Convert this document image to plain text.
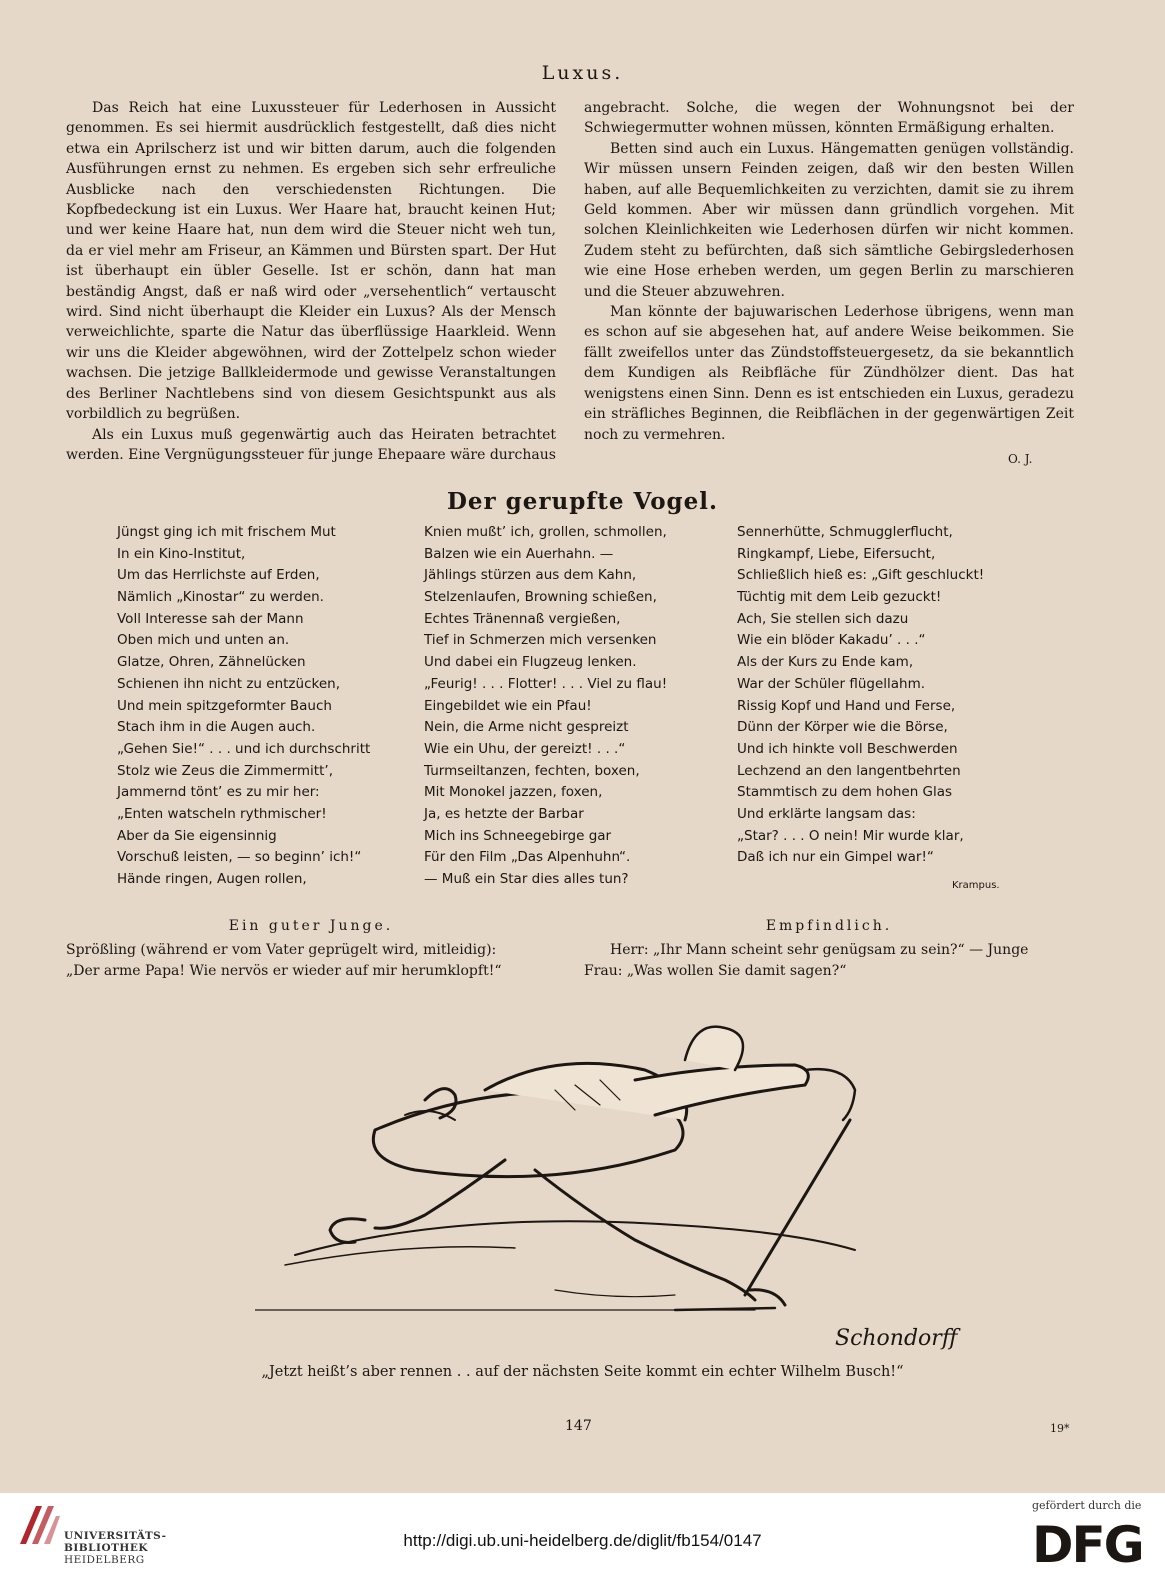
Luxus.

Das Reich hat eine Luxussteuer für Lederhosen in Aussicht genommen. Es sei hiermit ausdrücklich festgestellt, daß dies nicht etwa ein Aprilscherz ist und wir bitten darum, auch die folgenden Ausführungen ernst zu nehmen. Es ergeben sich sehr erfreuliche Ausblicke nach den verschiedensten Richtungen. Die Kopfbedeckung ist ein Luxus. Wer Haare hat, braucht keinen Hut; und wer keine Haare hat, nun dem wird die Steuer nicht weh tun, da er viel mehr am Friseur, an Kämmen und Bürsten spart. Der Hut ist überhaupt ein übler Geselle. Ist er schön, dann hat man beständig Angst, daß er naß wird oder „versehentlich“ vertauscht wird. Sind nicht überhaupt die Kleider ein Luxus? Als der Mensch verweichlichte, sparte die Natur das überflüssige Haarkleid. Wenn wir uns die Kleider abgewöhnen, wird der Zottelpelz schon wieder wachsen. Die jetzige Ballkleidermode und gewisse Veranstaltungen des Berliner Nachtlebens sind von diesem Gesichtspunkt aus als vorbildlich zu begrüßen.

Als ein Luxus muß gegenwärtig auch das Heiraten betrachtet werden. Eine Vergnügungssteuer für junge Ehepaare wäre durchaus

angebracht. Solche, die wegen der Wohnungsnot bei der Schwiegermutter wohnen müssen, könnten Ermäßigung erhalten.

Betten sind auch ein Luxus. Hängematten genügen vollständig. Wir müssen unsern Feinden zeigen, daß wir den besten Willen haben, auf alle Bequemlichkeiten zu verzichten, damit sie zu ihrem Geld kommen. Aber wir müssen dann gründlich vorgehen. Mit solchen Kleinlichkeiten wie Lederhosen dürfen wir nicht kommen. Zudem steht zu befürchten, daß sich sämtliche Gebirgslederhosen wie eine Hose erheben werden, um gegen Berlin zu marschieren und die Steuer abzuwehren.

Man könnte der bajuwarischen Lederhose übrigens, wenn man es schon auf sie abgesehen hat, auf andere Weise beikommen. Sie fällt zweifellos unter das Zündstoffsteuergesetz, da sie bekanntlich dem Kundigen als Reibfläche für Zündhölzer dient. Das hat wenigstens einen Sinn. Denn es ist entschieden ein Luxus, geradezu ein sträfliches Beginnen, die Reibflächen in der gegenwärtigen Zeit noch zu vermehren.

O. J.
Der gerupfte Vogel.
Jüngst ging ich mit frischem Mut
In ein Kino-Institut,
Um das Herrlichste auf Erden,
Nämlich „Kinostar“ zu werden.
Voll Interesse sah der Mann
Oben mich und unten an.
Glatze, Ohren, Zähnelücken
Schienen ihn nicht zu entzücken,
Und mein spitzgeformter Bauch
Stach ihm in die Augen auch.
„Gehen Sie!“ . . . und ich durchschritt
Stolz wie Zeus die Zimmermitt’,
Jammernd tönt’ es zu mir her:
„Enten watscheln rythmischer!
Aber da Sie eigensinnig
Vorschuß leisten, — so beginn’ ich!“
Hände ringen, Augen rollen,
Knien mußt’ ich, grollen, schmollen,
Balzen wie ein Auerhahn. —
Jählings stürzen aus dem Kahn,
Stelzenlaufen, Browning schießen,
Echtes Tränennaß vergießen,
Tief in Schmerzen mich versenken
Und dabei ein Flugzeug lenken.
„Feurig! . . . Flotter! . . . Viel zu flau!
Eingebildet wie ein Pfau!
Nein, die Arme nicht gespreizt
Wie ein Uhu, der gereizt! . . .“
Turmseiltanzen, fechten, boxen,
Mit Monokel jazzen, foxen,
Ja, es hetzte der Barbar
Mich ins Schneegebirge gar
Für den Film „Das Alpenhuhn“.
— Muß ein Star dies alles tun?
Sennerhütte, Schmugglerflucht,
Ringkampf, Liebe, Eifersucht,
Schließlich hieß es: „Gift geschluckt!
Tüchtig mit dem Leib gezuckt!
Ach, Sie stellen sich dazu
Wie ein blöder Kakadu’ . . .“
Als der Kurs zu Ende kam,
War der Schüler flügellahm.
Rissig Kopf und Hand und Ferse,
Dünn der Körper wie die Börse,
Und ich hinkte voll Beschwerden
Lechzend an den langentbehrten
Stammtisch zu dem hohen Glas
Und erklärte langsam das:
„Star? . . . O nein! Mir wurde klar,
Daß ich nur ein Gimpel war!“
Krampus.
Ein guter Junge.
Sprößling (während er vom Vater geprügelt wird, mitleidig):
„Der arme Papa! Wie nervös er wieder auf mir herumklopft!“
Empfindlich.
Herr: „Ihr Mann scheint sehr genügsam zu sein?“ — Junge
Frau: „Was wollen Sie damit sagen?“
Schondorff
„Jetzt heißt’s aber rennen . . auf der nächsten Seite kommt ein echter Wilhelm Busch!“
147	19*
UNIVERSITÄTS-
BIBLIOTHEK
HEIDELBERG
http://digi.ub.uni-heidelberg.de/diglit/fb154/0147
gefördert durch die
DFG
